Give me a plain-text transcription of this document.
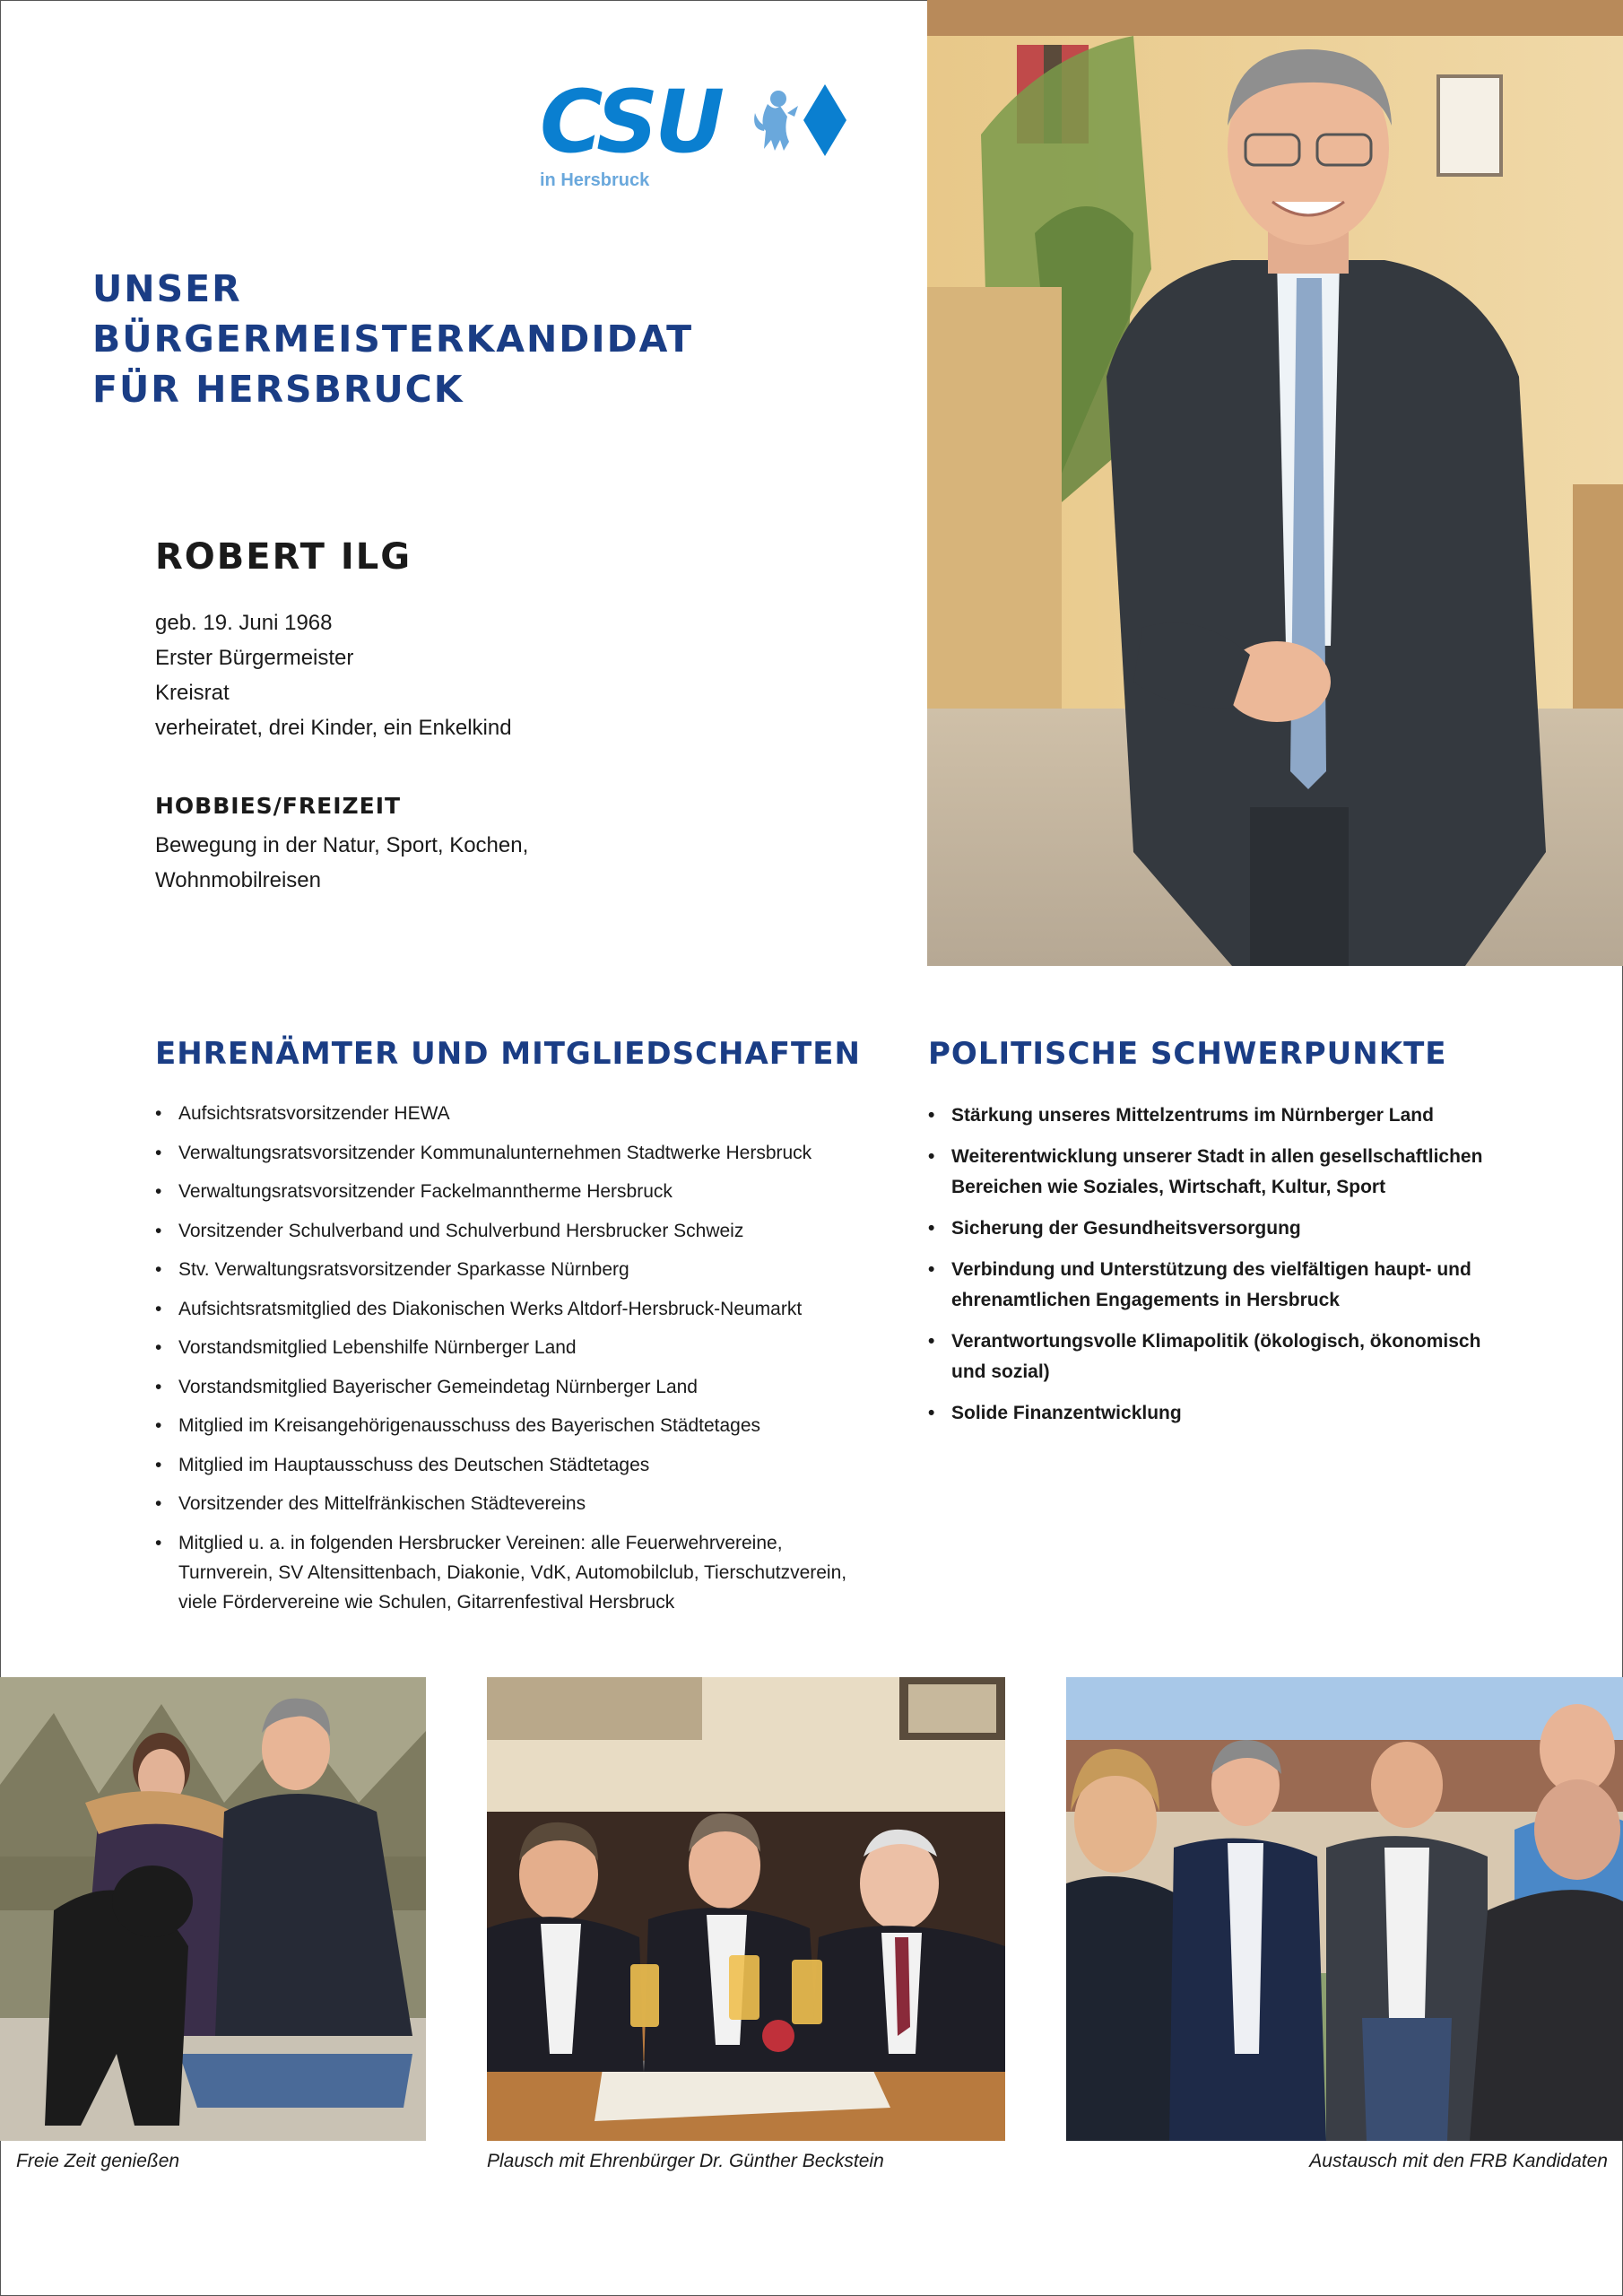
CSU
in Hersbruck
UNSER
BÜRGERMEISTERKANDIDAT
FÜR HERSBRUCK
ROBERT ILG
geb. 19. Juni 1968
Erster Bürgermeister
Kreisrat
verheiratet, drei Kinder, ein Enkelkind
HOBBIES/FREIZEIT
Bewegung in der Natur, Sport, Kochen,
Wohnmobilreisen
EHRENÄMTER UND MITGLIEDSCHAFTEN POLITISCHE SCHWERPUNKTE
• Aufsichtsratsvorsitzender HEWA
• Verwaltungsratsvorsitzender Kommunalunternehmen Stadtwerke Hersbruck
• Verwaltungsratsvorsitzender Fackelmanntherme Hersbruck
• Vorsitzender Schulverband und Schulverbund Hersbrucker Schweiz
• Stv. Verwaltungsratsvorsitzender Sparkasse Nürnberg
• Aufsichtsratsmitglied des Diakonischen Werks Altdorf-Hersbruck-Neumarkt
• Vorstandsmitglied Lebenshilfe Nürnberger Land
• Vorstandsmitglied Bayerischer Gemeindetag Nürnberger Land
• Mitglied im Kreisangehörigenausschuss des Bayerischen Städtetages
• Mitglied im Hauptausschuss des Deutschen Städtetages
• Vorsitzender des Mittelfränkischen Städtevereins
• Mitglied u. a. in folgenden Hersbrucker Vereinen: alle Feuerwehrvereine, Turnverein, SV Altensittenbach, Diakonie, VdK, Automobilclub, Tierschutzverein, viele Fördervereine wie Schulen, Gitarrenfestival Hersbruck
• Stärkung unseres Mittelzentrums im Nürnberger Land
• Weiterentwicklung unserer Stadt in allen gesellschaftlichen Bereichen wie Soziales, Wirtschaft, Kultur, Sport
• Sicherung der Gesundheitsversorgung
• Verbindung und Unterstützung des vielfältigen haupt- und ehrenamtlichen Engagements in Hersbruck
• Verantwortungsvolle Klimapolitik (ökologisch, ökonomisch und sozial)
• Solide Finanzentwicklung
Freie Zeit genießen	Plausch mit Ehrenbürger Dr. Günther Beckstein	Austausch mit den FRB Kandidaten
